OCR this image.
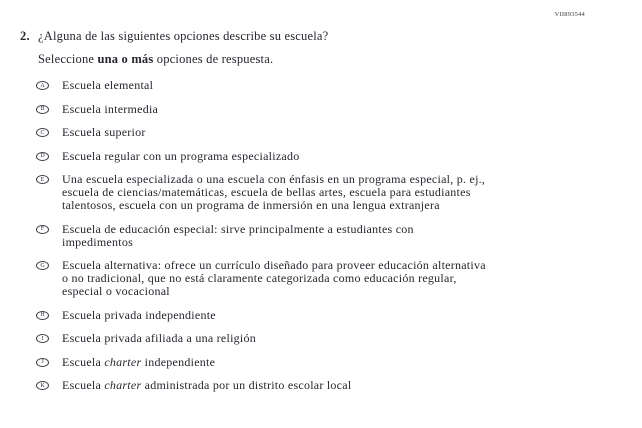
VII893544
2. ¿Alguna de las siguientes opciones describe su escuela?
Seleccione una o más opciones de respuesta.
A	Escuela elemental
B	Escuela intermedia
C	Escuela superior
D	Escuela regular con un programa especializado
E	Una escuela especializada o una escuela con énfasis en un programa especial, p. ej.,
escuela de ciencias/matemáticas, escuela de bellas artes, escuela para estudiantes
talentosos, escuela con un programa de inmersión en una lengua extranjera
F	Escuela de educación especial: sirve principalmente a estudiantes con
impedimentos
G	Escuela alternativa: ofrece un currículo diseñado para proveer educación alternativa
o no tradicional, que no está claramente categorizada como educación regular,
especial o vocacional
H	Escuela privada independiente
I	Escuela privada afiliada a una religión
J	Escuela charter independiente
K	Escuela charter administrada por un distrito escolar local
